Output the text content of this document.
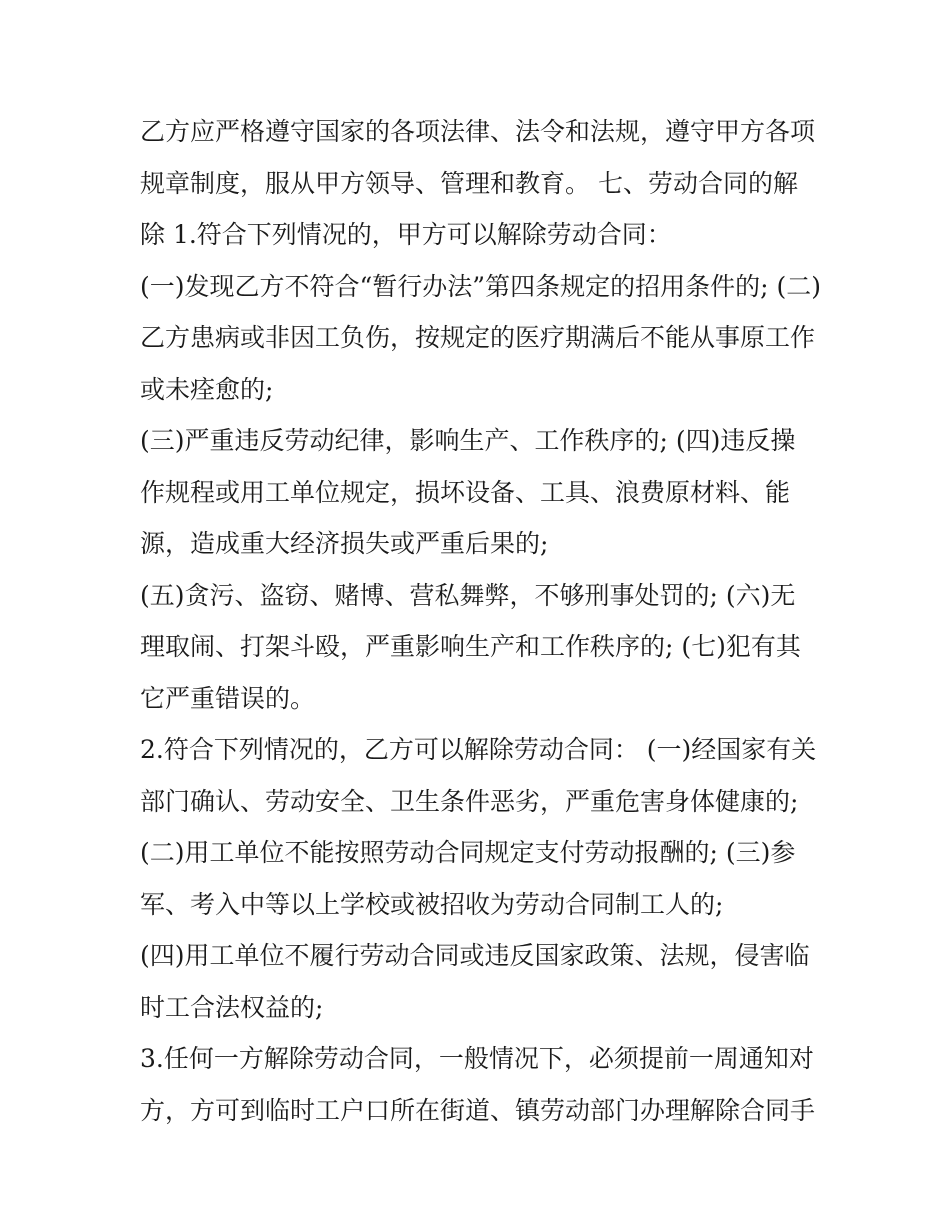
乙方应严格遵守国家的各项法律、法令和法规，遵守甲方各项
规章制度，服从甲方领导、管理和教育。 七、劳动合同的解
除 1.符合下列情况的，甲方可以解除劳动合同：
(一)发现乙方不符合“暂行办法”第四条规定的招用条件的; (二)
乙方患病或非因工负伤，按规定的医疗期满后不能从事原工作
或未痊愈的;
(三)严重违反劳动纪律，影响生产、工作秩序的; (四)违反操
作规程或用工单位规定，损坏设备、工具、浪费原材料、能
源，造成重大经济损失或严重后果的;
(五)贪污、盗窃、赌博、营私舞弊，不够刑事处罚的; (六)无
理取闹、打架斗殴，严重影响生产和工作秩序的; (七)犯有其
它严重错误的。
2.符合下列情况的，乙方可以解除劳动合同： (一)经国家有关
部门确认、劳动安全、卫生条件恶劣，严重危害身体健康的;
(二)用工单位不能按照劳动合同规定支付劳动报酬的; (三)参
军、考入中等以上学校或被招收为劳动合同制工人的;
(四)用工单位不履行劳动合同或违反国家政策、法规，侵害临
时工合法权益的;
3.任何一方解除劳动合同，一般情况下，必须提前一周通知对
方，方可到临时工户口所在街道、镇劳动部门办理解除合同手
